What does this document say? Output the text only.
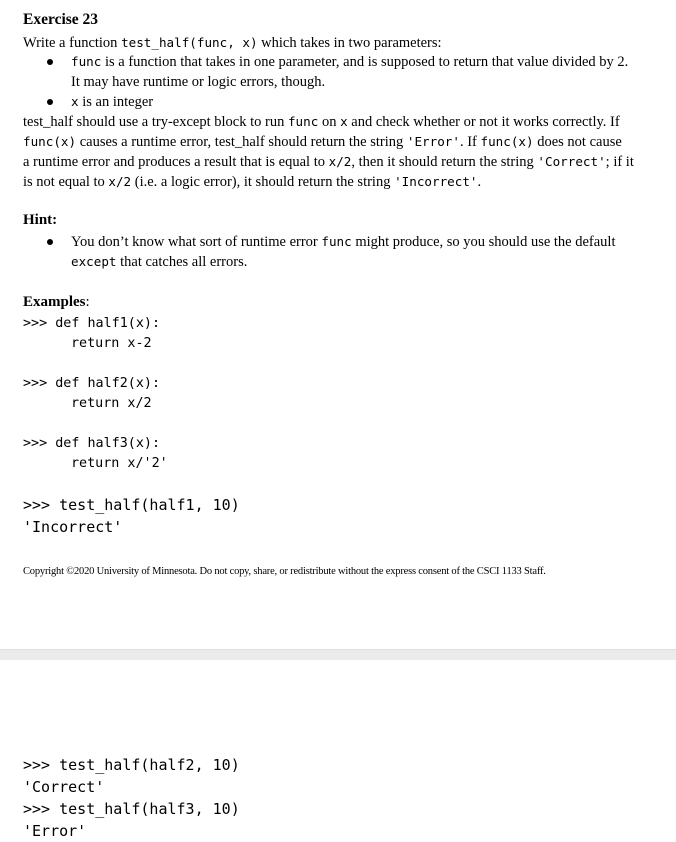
Exercise 23
Write a function test_half(func, x) which takes in two parameters:
func is a function that takes in one parameter, and is supposed to return that value divided by 2.
It may have runtime or logic errors, though.
x is an integer
test_half should use a try-except block to run func on x and check whether or not it works correctly. If
func(x) causes a runtime error, test_half should return the string 'Error'. If func(x) does not cause
a runtime error and produces a result that is equal to x/2, then it should return the string 'Correct'; if it
is not equal to x/2 (i.e. a logic error), it should return the string 'Incorrect'.
Hint:
You don’t know what sort of runtime error func might produce, so you should use the default
except that catches all errors.
Examples:
>>> def half1(x):
return x-2
>>> def half2(x):
return x/2
>>> def half3(x):
return x/'2'
>>> test_half(half1, 10)
'Incorrect'
Copyright ©2020 University of Minnesota. Do not copy, share, or redistribute without the express consent of the CSCI 1133 Staff.
>>> test_half(half2, 10)
'Correct'
>>> test_half(half3, 10)
'Error'
